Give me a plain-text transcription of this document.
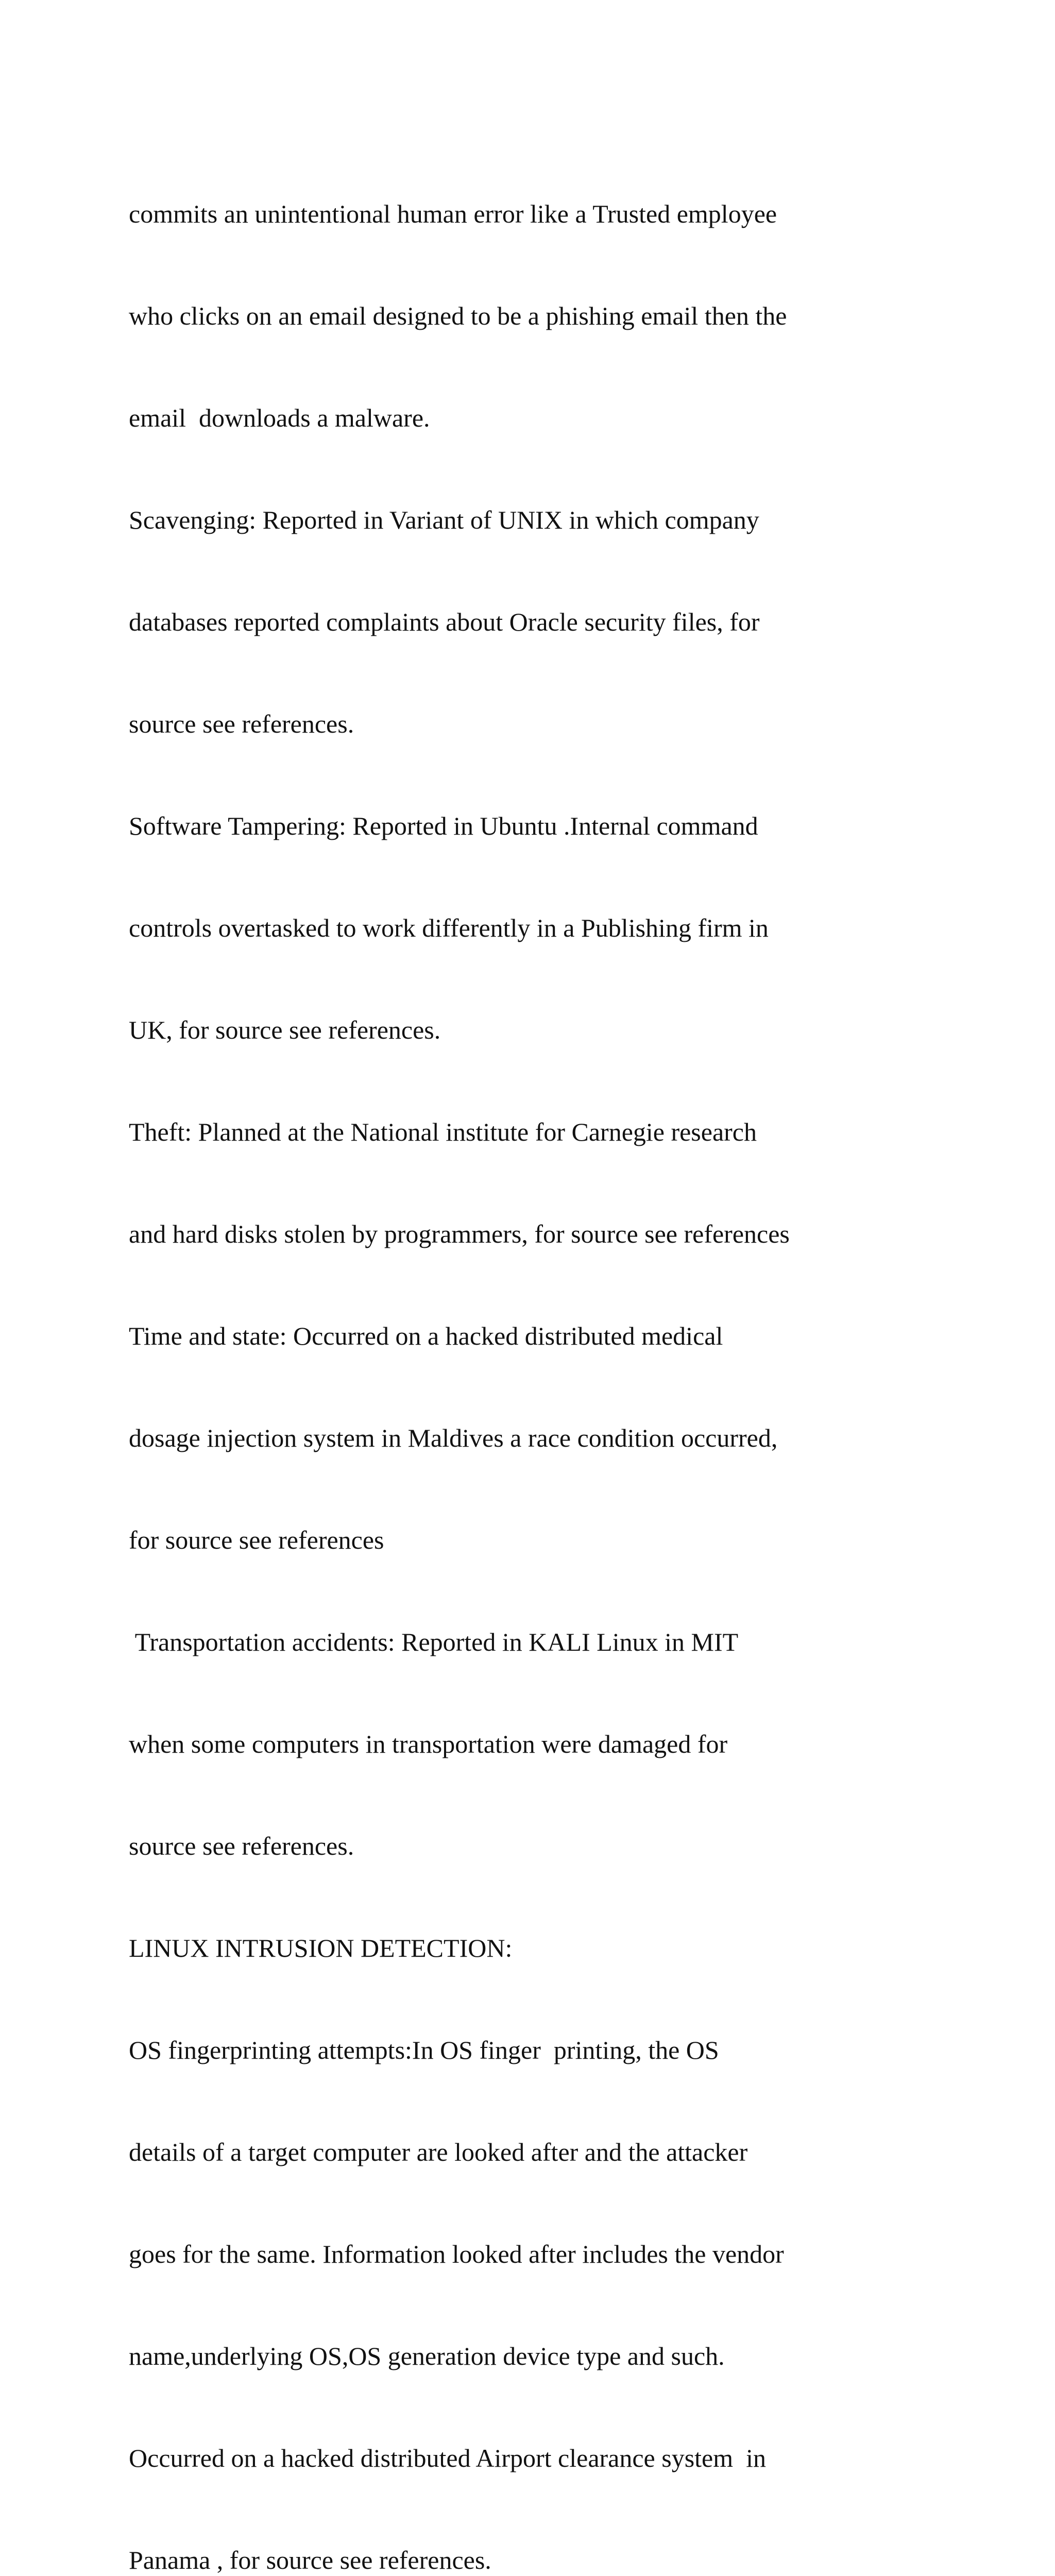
commits an unintentional human error like a Trusted employee

who clicks on an email designed to be a phishing email then the

email  downloads a malware.

Scavenging: Reported in Variant of UNIX in which company

databases reported complaints about Oracle security files, for

source see references.

Software Tampering: Reported in Ubuntu .Internal command

controls overtasked to work differently in a Publishing firm in

UK, for source see references.

Theft: Planned at the National institute for Carnegie research

and hard disks stolen by programmers, for source see references

Time and state: Occurred on a hacked distributed medical

dosage injection system in Maldives a race condition occurred,

for source see references

Transportation accidents: Reported in KALI Linux in MIT

when some computers in transportation were damaged for

source see references.

LINUX INTRUSION DETECTION:

OS fingerprinting attempts:In OS finger  printing, the OS

details of a target computer are looked after and the attacker

goes for the same. Information looked after includes the vendor

name,underlying OS,OS generation device type and such.

Occurred on a hacked distributed Airport clearance system  in

Panama , for source see references.
